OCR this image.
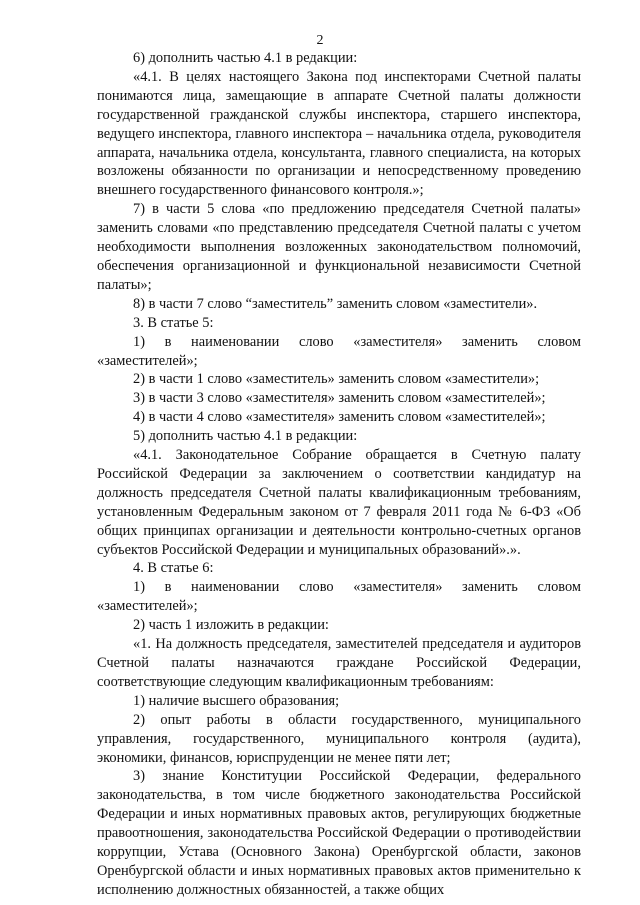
2

6) дополнить частью 4.1 в редакции:

«4.1. В целях настоящего Закона под инспекторами Счетной палаты понимаются лица, замещающие в аппарате Счетной палаты должности государственной гражданской службы инспектора, старшего инспектора, ведущего инспектора, главного инспектора – начальника отдела, руководителя аппарата, начальника отдела, консультанта, главного специалиста, на которых возложены обязанности по организации и непосредственному проведению внешнего государственного финансового контроля.»;

7) в части 5 слова «по предложению председателя Счетной палаты» заменить словами «по представлению председателя Счетной палаты с учетом необходимости выполнения возложенных законодательством полномочий, обеспечения организационной и функциональной независимости Счетной палаты»;

8) в части 7 слово “заместитель” заменить словом «заместители».

3. В статье 5:

1) в наименовании слово «заместителя» заменить словом «заместителей»;

2) в части 1 слово «заместитель» заменить словом «заместители»;

3) в части 3 слово «заместителя» заменить словом «заместителей»;

4) в части 4 слово «заместителя» заменить словом «заместителей»;

5) дополнить частью 4.1 в редакции:

«4.1. Законодательное Собрание обращается в Счетную палату Российской Федерации за заключением о соответствии кандидатур на должность председателя Счетной палаты квалификационным требованиям, установленным Федеральным законом от 7 февраля 2011 года № 6-ФЗ «Об общих принципах организации и деятельности контрольно-счетных органов субъектов Российской Федерации и муниципальных образований».».

4. В статье 6:

1) в наименовании слово «заместителя» заменить словом «заместителей»;

2) часть 1 изложить в редакции:

«1. На должность председателя, заместителей председателя и аудиторов Счетной палаты назначаются граждане Российской Федерации, соответствующие следующим квалификационным требованиям:

1) наличие высшего образования;

2) опыт работы в области государственного, муниципального управления, государственного, муниципального контроля (аудита), экономики, финансов, юриспруденции не менее пяти лет;

3) знание Конституции Российской Федерации, федерального законодательства, в том числе бюджетного законодательства Российской Федерации и иных нормативных правовых актов, регулирующих бюджетные правоотношения, законодательства Российской Федерации о противодействии коррупции, Устава (Основного Закона) Оренбургской области, законов Оренбургской области и иных нормативных правовых актов применительно к исполнению должностных обязанностей, а также общих
